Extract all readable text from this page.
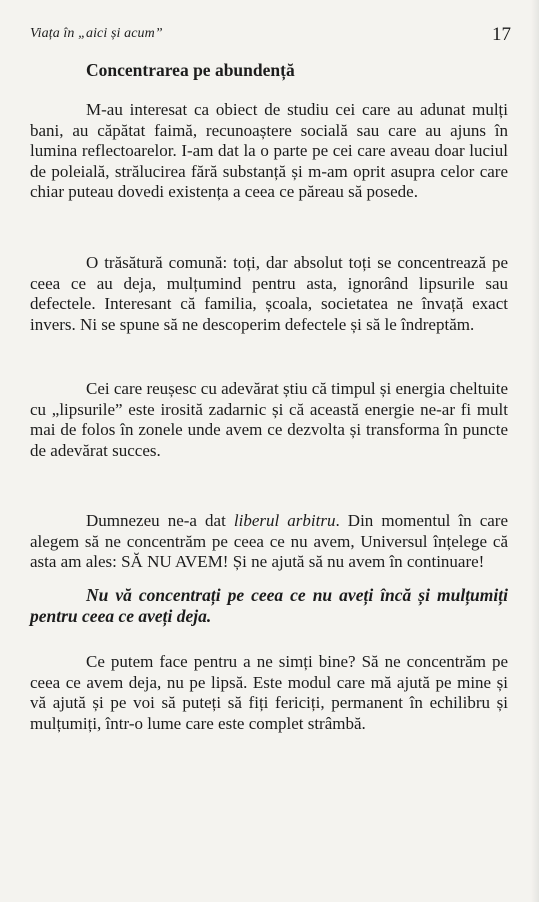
Viața în „aici și acum”	17
Concentrarea pe abundență

M-au interesat ca obiect de studiu cei care au adunat mulți bani, au căpătat faimă, recunoaștere socială sau care au ajuns în lumina reflectoarelor. I-am dat la o parte pe cei care aveau doar luciul de poleială, strălucirea fără substanță și m-am oprit asupra celor care chiar puteau dovedi existența a ceea ce păreau să posede.

O trăsătură comună: toți, dar absolut toți se concentrează pe ceea ce au deja, mulțumind pentru asta, ignorând lipsurile sau defectele. Interesant că familia, școala, societatea ne învață exact invers. Ni se spune să ne descoperim defectele și să le îndreptăm.

Cei care reușesc cu adevărat știu că timpul și energia cheltuite cu „lipsurile” este irosită zadarnic și că această energie ne-ar fi mult mai de folos în zonele unde avem ce dezvolta și transforma în puncte de adevărat succes.

Dumnezeu ne-a dat liberul arbitru. Din momentul în care alegem să ne concentrăm pe ceea ce nu avem, Universul înțelege că asta am ales: SĂ NU AVEM! Și ne ajută să nu avem în continuare!

Nu vă concentrați pe ceea ce nu aveți încă și mulțumiți pentru ceea ce aveți deja.

Ce putem face pentru a ne simți bine? Să ne concentrăm pe ceea ce avem deja, nu pe lipsă. Este modul care mă ajută pe mine și vă ajută și pe voi să puteți să fiți fericiți, permanent în echilibru și mulțumiți, într-o lume care este complet strâmbă.
